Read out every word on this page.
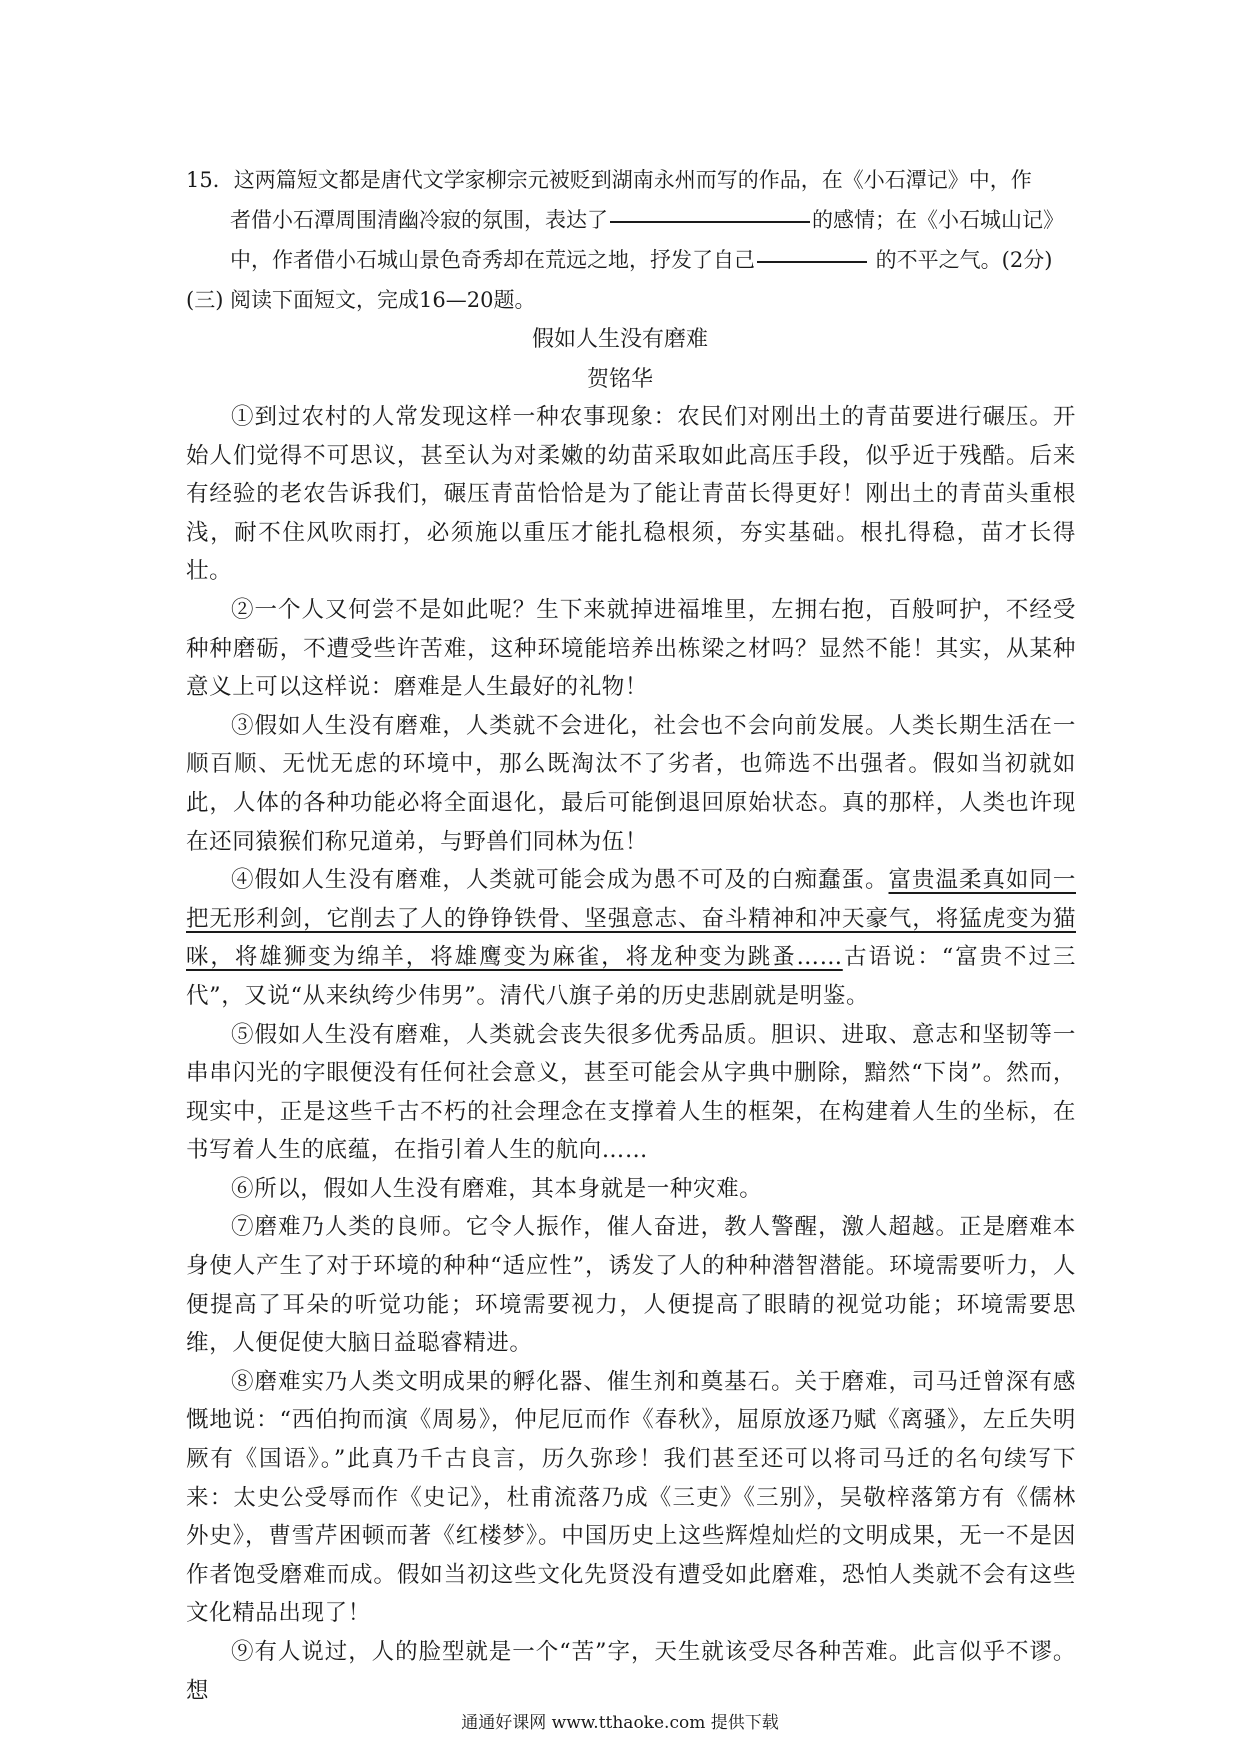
15．这两篇短文都是唐代文学家柳宗元被贬到湖南永州而写的作品，在《小石潭记》中，作
者借小石潭周围清幽冷寂的氛围，表达了	的感情；在《小石城山记》
中，作者借小石城山景色奇秀却在荒远之地，抒发了自己	的不平之气。(2分)
(三) 阅读下面短文，完成16—20题。
假如人生没有磨难
贺铭华

①到过农村的人常发现这样一种农事现象：农民们对刚出土的青苗要进行碾压。开始人们觉得不可思议，甚至认为对柔嫩的幼苗采取如此高压手段，似乎近于残酷。后来有经验的老农告诉我们，碾压青苗恰恰是为了能让青苗长得更好！刚出土的青苗头重根浅，耐不住风吹雨打，必须施以重压才能扎稳根须，夯实基础。根扎得稳，苗才长得壮。

②一个人又何尝不是如此呢？生下来就掉进福堆里，左拥右抱，百般呵护，不经受种种磨砺，不遭受些许苦难，这种环境能培养出栋梁之材吗？显然不能！其实，从某种意义上可以这样说：磨难是人生最好的礼物！

③假如人生没有磨难，人类就不会进化，社会也不会向前发展。人类长期生活在一顺百顺、无忧无虑的环境中，那么既淘汰不了劣者，也筛选不出强者。假如当初就如此，人体的各种功能必将全面退化，最后可能倒退回原始状态。真的那样，人类也许现在还同猿猴们称兄道弟，与野兽们同林为伍！

④假如人生没有磨难，人类就可能会成为愚不可及的白痴蠢蛋。富贵温柔真如同一把无形利剑，它削去了人的铮铮铁骨、坚强意志、奋斗精神和冲天豪气，将猛虎变为猫咪，将雄狮变为绵羊，将雄鹰变为麻雀，将龙种变为跳蚤……古语说：“富贵不过三代”，又说“从来纨绔少伟男”。清代八旗子弟的历史悲剧就是明鉴。

⑤假如人生没有磨难，人类就会丧失很多优秀品质。胆识、进取、意志和坚韧等一串串闪光的字眼便没有任何社会意义，甚至可能会从字典中删除，黯然“下岗”。然而，现实中，正是这些千古不朽的社会理念在支撑着人生的框架，在构建着人生的坐标，在书写着人生的底蕴，在指引着人生的航向……

⑥所以，假如人生没有磨难，其本身就是一种灾难。

⑦磨难乃人类的良师。它令人振作，催人奋进，教人警醒，激人超越。正是磨难本身使人产生了对于环境的种种“适应性”，诱发了人的种种潜智潜能。环境需要听力，人便提高了耳朵的听觉功能；环境需要视力，人便提高了眼睛的视觉功能；环境需要思维，人便促使大脑日益聪睿精进。

⑧磨难实乃人类文明成果的孵化器、催生剂和奠基石。关于磨难，司马迁曾深有感慨地说：“西伯拘而演《周易》，仲尼厄而作《春秋》，屈原放逐乃赋《离骚》，左丘失明厥有《国语》。”此真乃千古良言，历久弥珍！我们甚至还可以将司马迁的名句续写下来：太史公受辱而作《史记》，杜甫流落乃成《三吏》《三别》，吴敬梓落第方有《儒林外史》，曹雪芹困顿而著《红楼梦》。中国历史上这些辉煌灿烂的文明成果，无一不是因作者饱受磨难而成。假如当初这些文化先贤没有遭受如此磨难，恐怕人类就不会有这些文化精品出现了！

⑨有人说过，人的脸型就是一个“苦”字，天生就该受尽各种苦难。此言似乎不谬。想

通通好课网 www.tthaoke.com 提供下载
